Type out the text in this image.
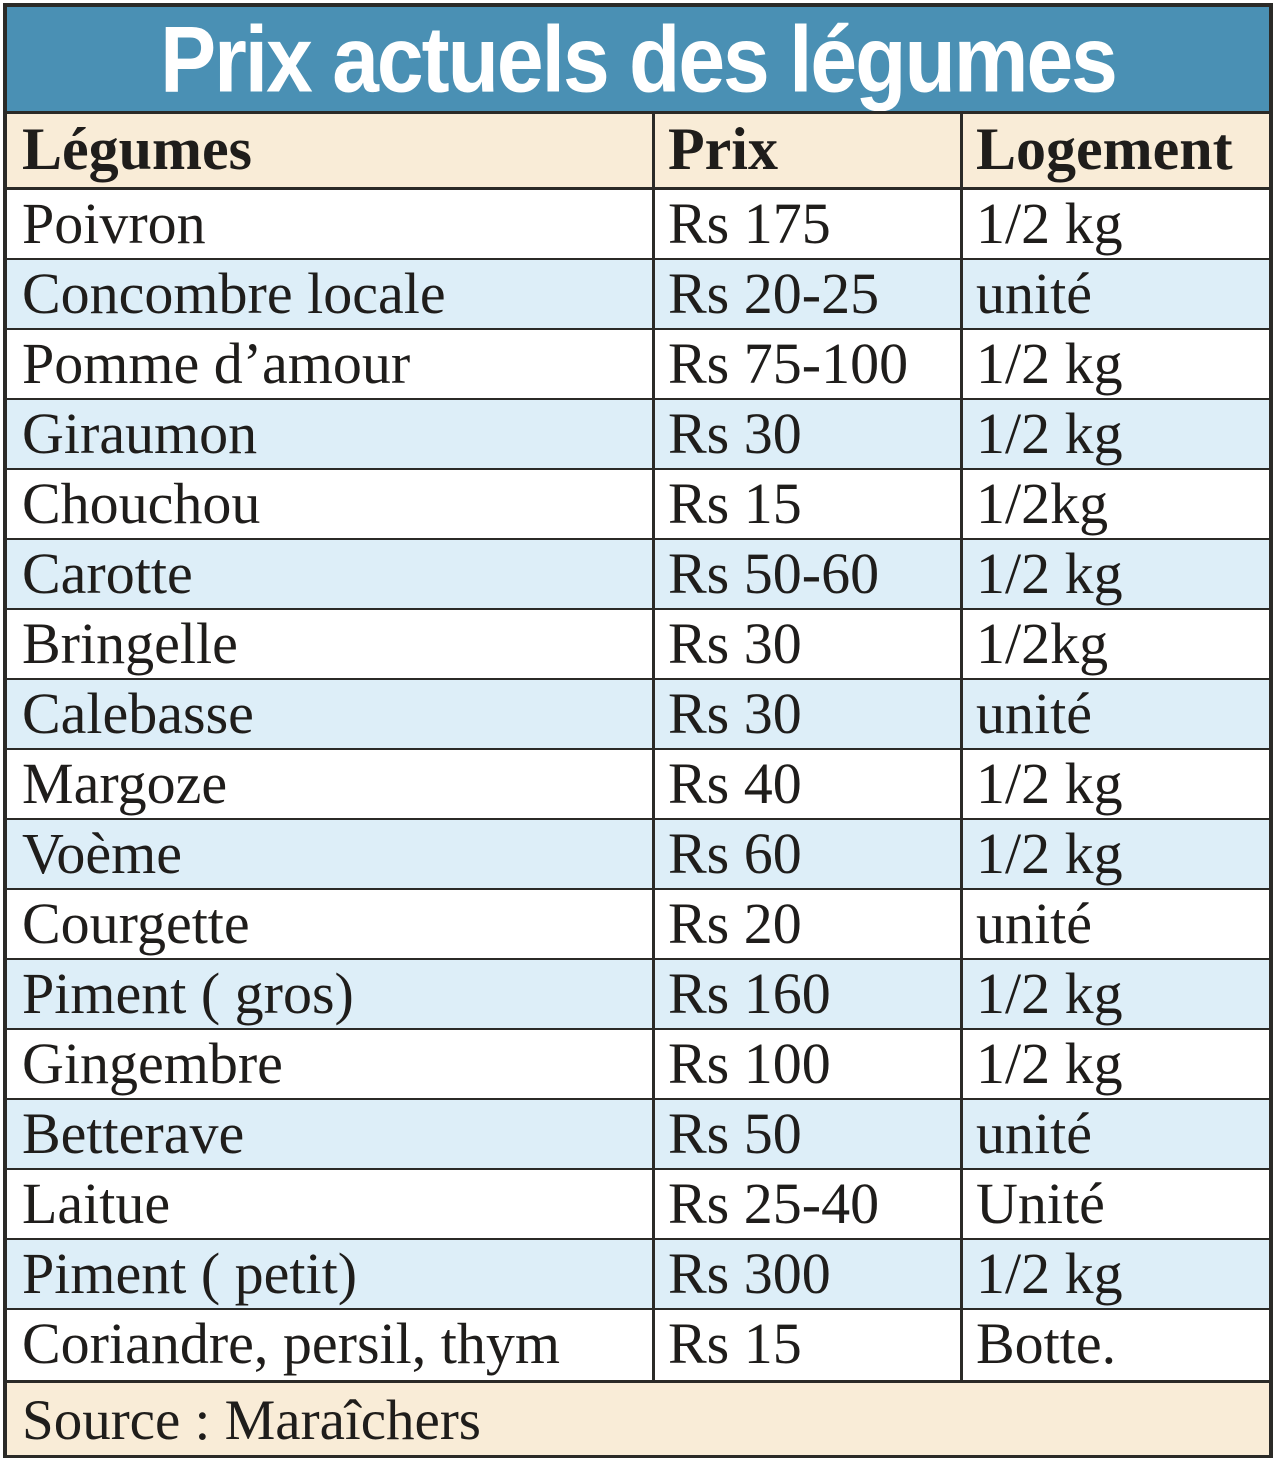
Prix actuels des légumes
Légumes	Prix	Logement
Poivron	Rs 175	1/2 kg
Concombre locale	Rs 20-25	unité
Pomme d’amour	Rs 75-100	1/2 kg
Giraumon	Rs 30	1/2 kg
Chouchou	Rs 15	1/2kg
Carotte	Rs 50-60	1/2 kg
Bringelle	Rs 30	1/2kg
Calebasse	Rs 30	unité
Margoze	Rs 40	1/2 kg
Voème	Rs 60	1/2 kg
Courgette	Rs 20	unité
Piment ( gros)	Rs 160	1/2 kg
Gingembre	Rs 100	1/2 kg
Betterave	Rs 50	unité
Laitue	Rs 25-40	Unité
Piment ( petit)	Rs 300	1/2 kg
Coriandre, persil, thym	Rs 15	Botte.
Source : Maraîchers
